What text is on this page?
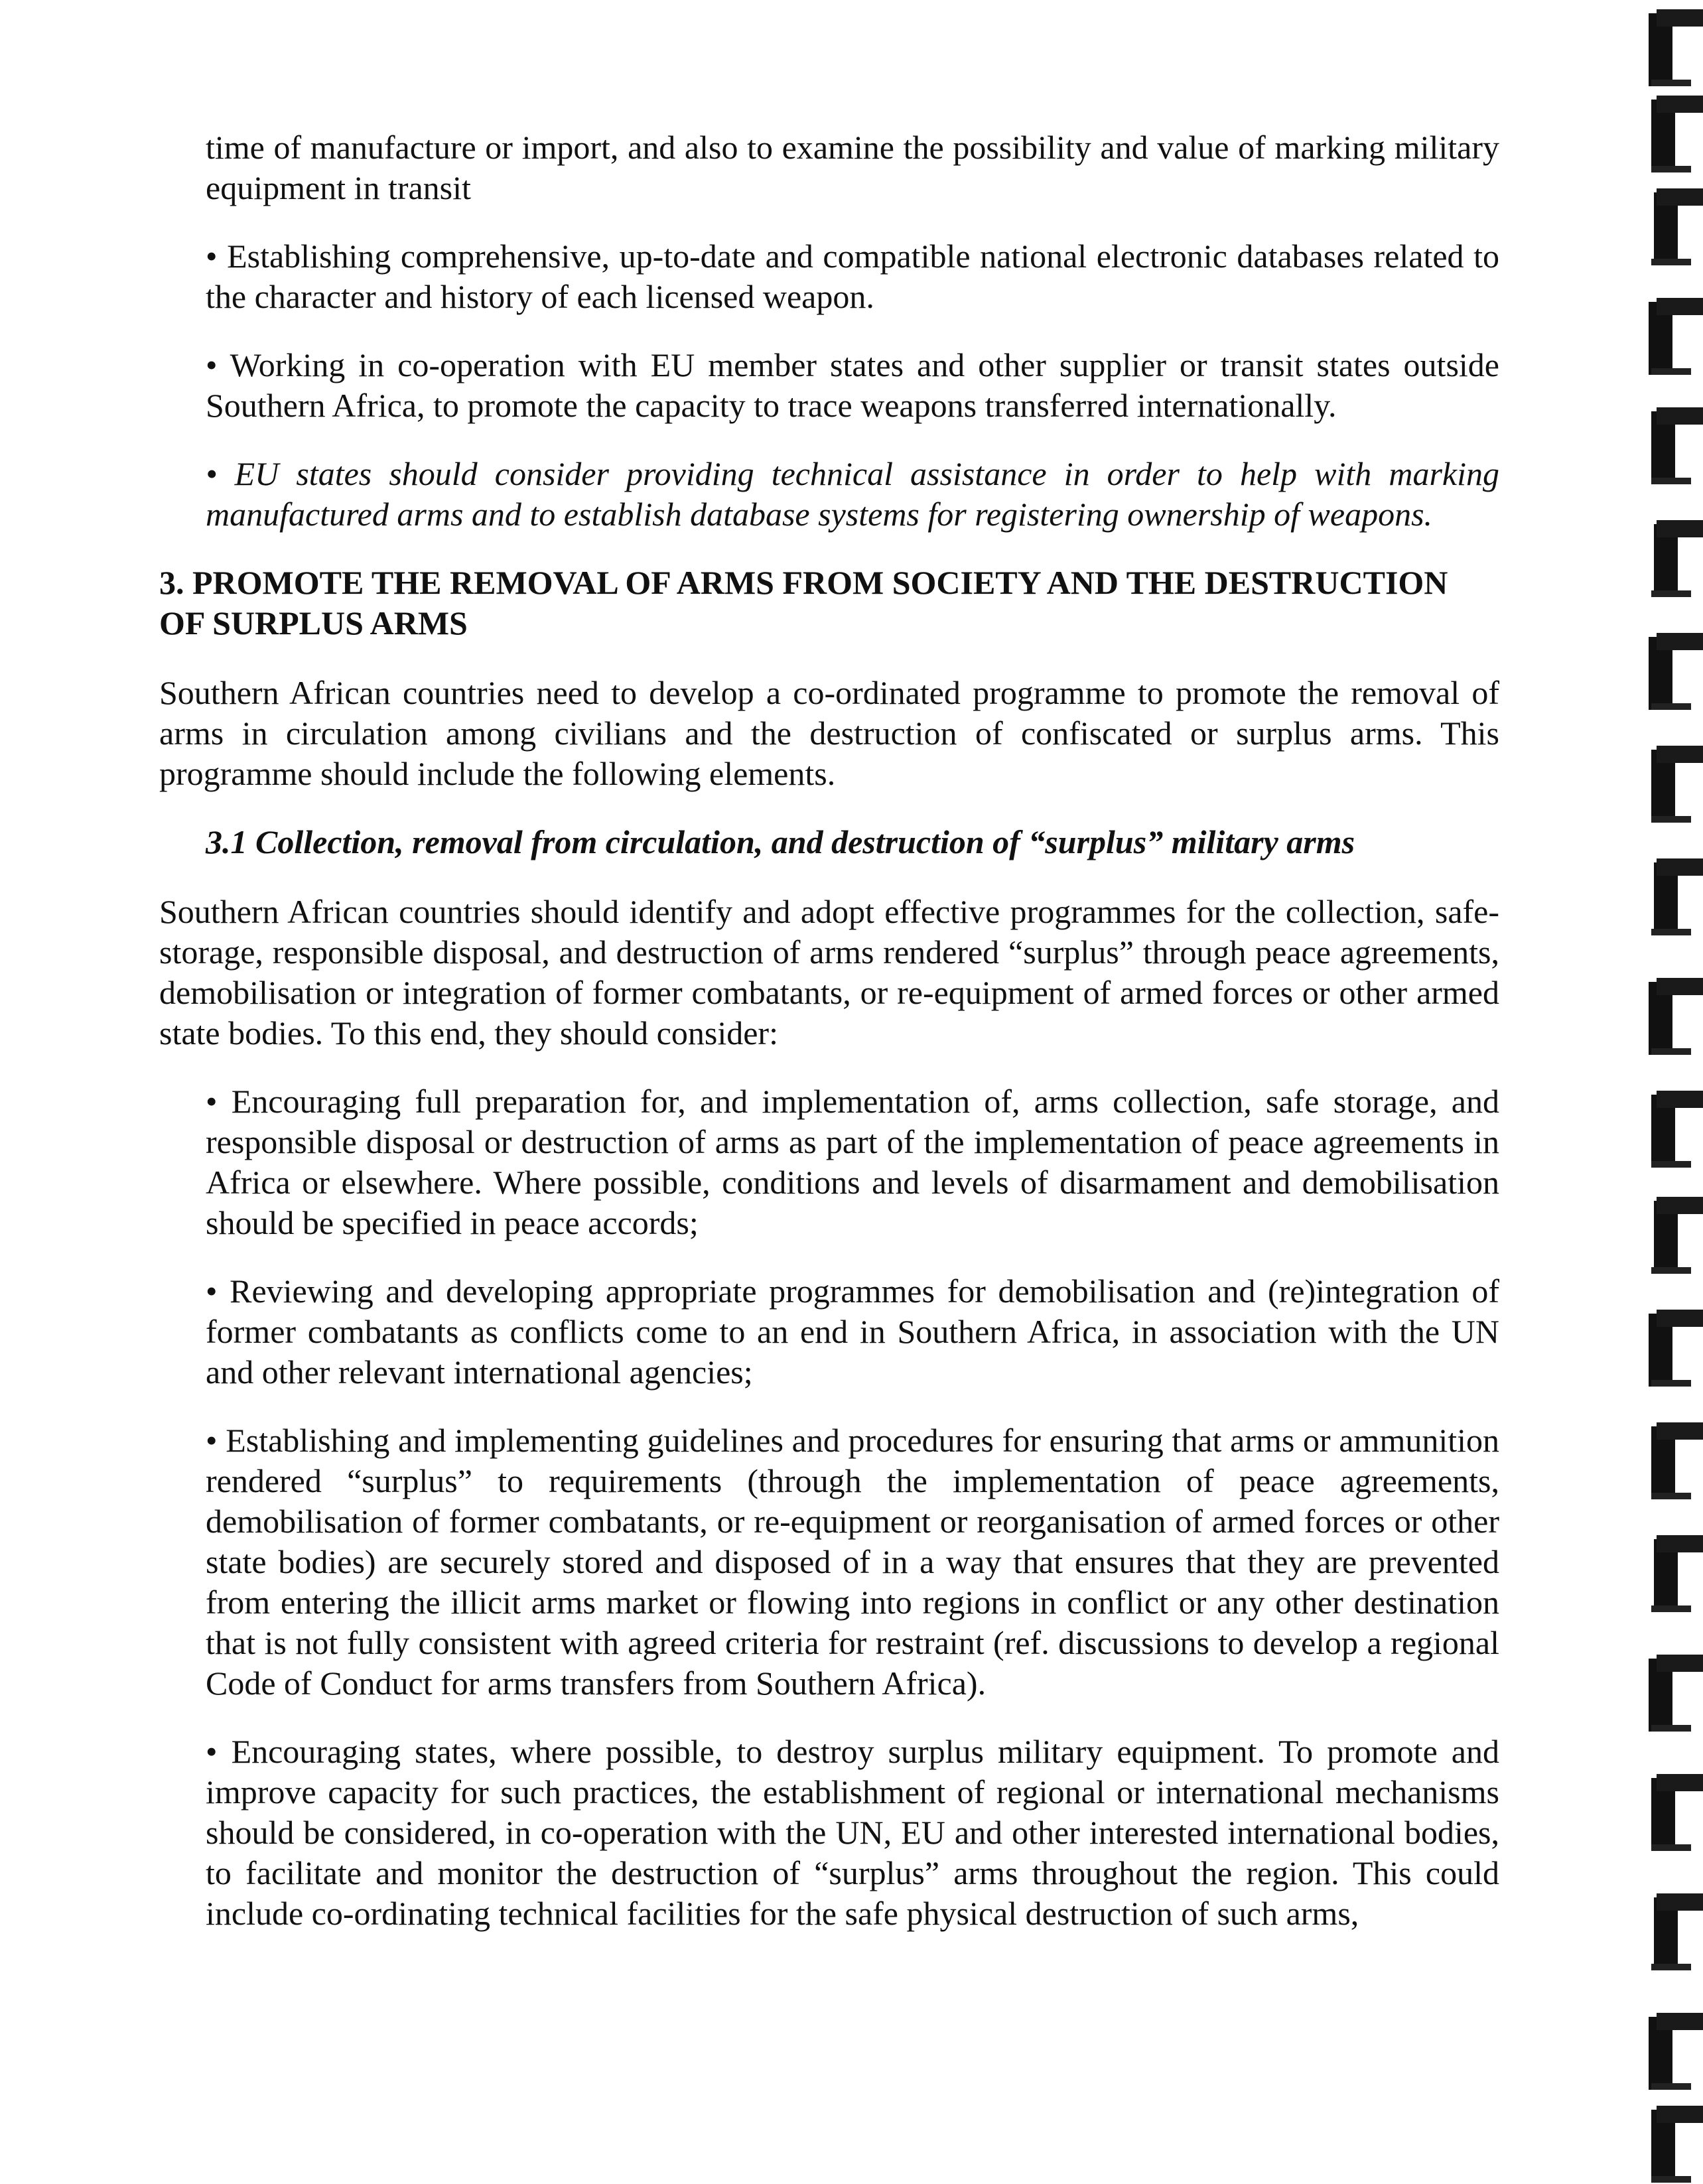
time of manufacture or import, and also to examine the possibility and value of marking military equipment in transit
• Establishing comprehensive, up-to-date and compatible national electronic databases related to the character and history of each licensed weapon.
• Working in co-operation with EU member states and other supplier or transit states outside Southern Africa, to promote the capacity to trace weapons transferred internationally.
• EU states should consider providing technical assistance in order to help with marking manufactured arms and to establish database systems for registering ownership of weapons.
3. PROMOTE THE REMOVAL OF ARMS FROM SOCIETY AND THE DESTRUCTION OF SURPLUS ARMS
Southern African countries need to develop a co-ordinated programme to promote the removal of arms in circulation among civilians and the destruction of confiscated or surplus arms. This programme should include the following elements.
3.1 Collection, removal from circulation, and destruction of “surplus” military arms
Southern African countries should identify and adopt effective programmes for the collection, safe-storage, responsible disposal, and destruction of arms rendered “surplus” through peace agreements, demobilisation or integration of former combatants, or re-equipment of armed forces or other armed state bodies. To this end, they should consider:
• Encouraging full preparation for, and implementation of, arms collection, safe storage, and responsible disposal or destruction of arms as part of the implementation of peace agreements in Africa or elsewhere. Where possible, conditions and levels of disarmament and demobilisation should be specified in peace accords;
• Reviewing and developing appropriate programmes for demobilisation and (re)integration of former combatants as conflicts come to an end in Southern Africa, in association with the UN and other relevant international agencies;
• Establishing and implementing guidelines and procedures for ensuring that arms or ammunition rendered “surplus” to requirements (through the implementation of peace agreements, demobilisation of former combatants, or re-equipment or reorganisation of armed forces or other state bodies) are securely stored and disposed of in a way that ensures that they are prevented from entering the illicit arms market or flowing into regions in conflict or any other destination that is not fully consistent with agreed criteria for restraint (ref. discussions to develop a regional Code of Conduct for arms transfers from Southern Africa).
• Encouraging states, where possible, to destroy surplus military equipment. To promote and improve capacity for such practices, the establishment of regional or international mechanisms should be considered, in co-operation with the UN, EU and other interested international bodies, to facilitate and monitor the destruction of “surplus” arms throughout the region. This could include co-ordinating technical facilities for the safe physical destruction of such arms,
